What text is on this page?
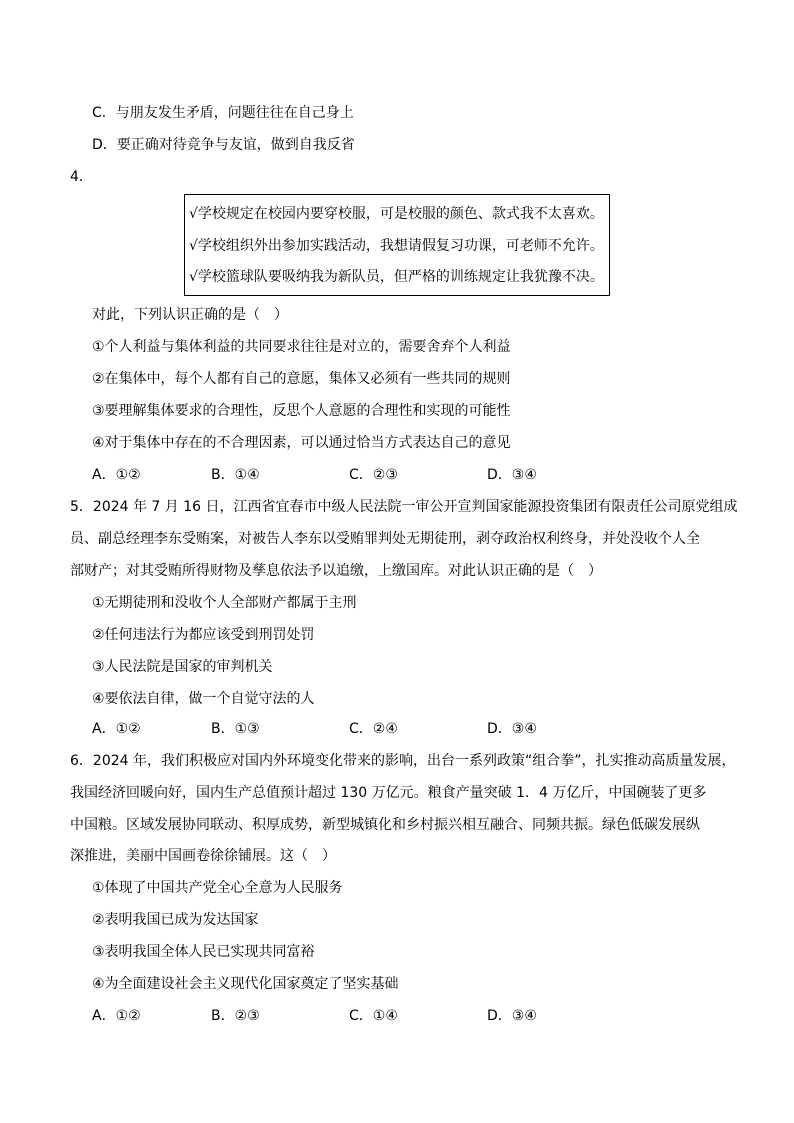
C．与朋友发生矛盾，问题往往在自己身上
D．要正确对待竞争与友谊，做到自我反省
4．
√学校规定在校园内要穿校服，可是校服的颜色、款式我不太喜欢。
√学校组织外出参加实践活动，我想请假复习功课，可老师不允许。
√学校篮球队要吸纳我为新队员，但严格的训练规定让我犹豫不决。
对此，下列认识正确的是（　）
①个人利益与集体利益的共同要求往往是对立的，需要舍弃个人利益
②在集体中，每个人都有自己的意愿，集体又必须有一些共同的规则
③要理解集体要求的合理性，反思个人意愿的合理性和实现的可能性
④对于集体中存在的不合理因素，可以通过恰当方式表达自己的意见
A．①②	B．①④	C．②③	D．③④
5．2024 年 7 月 16 日，江西省宜春市中级人民法院一审公开宣判国家能源投资集团有限责任公司原党组成
员、副总经理李东受贿案，对被告人李东以受贿罪判处无期徒刑，剥夺政治权利终身，并处没收个人全
部财产；对其受贿所得财物及孳息依法予以追缴，上缴国库。对此认识正确的是（　）
①无期徒刑和没收个人全部财产都属于主刑
②任何违法行为都应该受到刑罚处罚
③人民法院是国家的审判机关
④要依法自律，做一个自觉守法的人
A．①②	B．①③	C．②④	D．③④
6．2024 年，我们积极应对国内外环境变化带来的影响，出台一系列政策“组合拳”，扎实推动高质量发展，
我国经济回暖向好，国内生产总值预计超过 130 万亿元。粮食产量突破 1．4 万亿斤，中国碗装了更多
中国粮。区域发展协同联动、积厚成势，新型城镇化和乡村振兴相互融合、同频共振。绿色低碳发展纵
深推进，美丽中国画卷徐徐铺展。这（　）
①体现了中国共产党全心全意为人民服务
②表明我国已成为发达国家
③表明我国全体人民已实现共同富裕
④为全面建设社会主义现代化国家奠定了坚实基础
A．①②	B．②③	C．①④	D．③④
